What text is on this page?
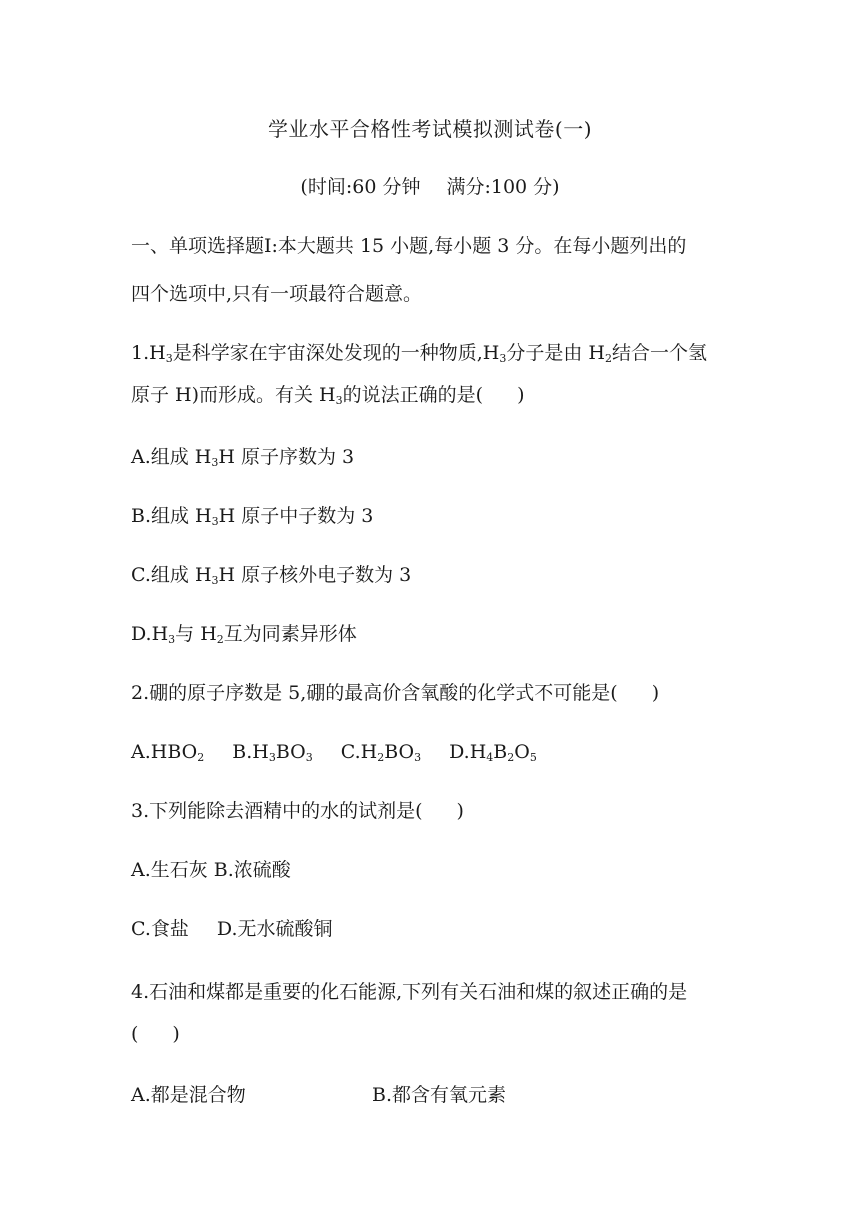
学业水平合格性考试模拟测试卷(一)
(时间:60 分钟 满分:100 分)
一、单项选择题Ⅰ:本大题共 15 小题,每小题 3 分。在每小题列出的
四个选项中,只有一项最符合题意。
$1.H_3$是科学家在宇宙深处发现的一种物质$,H_3$分子是由 $H_2$结合一个氢
原子 H)而形成。有关 $H_3$的说法正确的是( )
A.组成 $H_3H$ 原子序数为 3
B.组成 $H_3H$ 原子中子数为 3
C.组成 $H_3H$ 原子核外电子数为 3
$D.H_3$与 $H_2$互为同素异形体
2.硼的原子序数是 5,硼的最高价含氧酸的化学式不可能是( )
$A.HBO_2$ $B.H_3BO_3$ $C.H_2BO_3$ $D.H_4B_2O_5$
3.下列能除去酒精中的水的试剂是( )
A.生石灰 B.浓硫酸
C.食盐 D.无水硫酸铜
4.石油和煤都是重要的化石能源,下列有关石油和煤的叙述正确的是
( )
A.都是混合物	B.都含有氧元素
